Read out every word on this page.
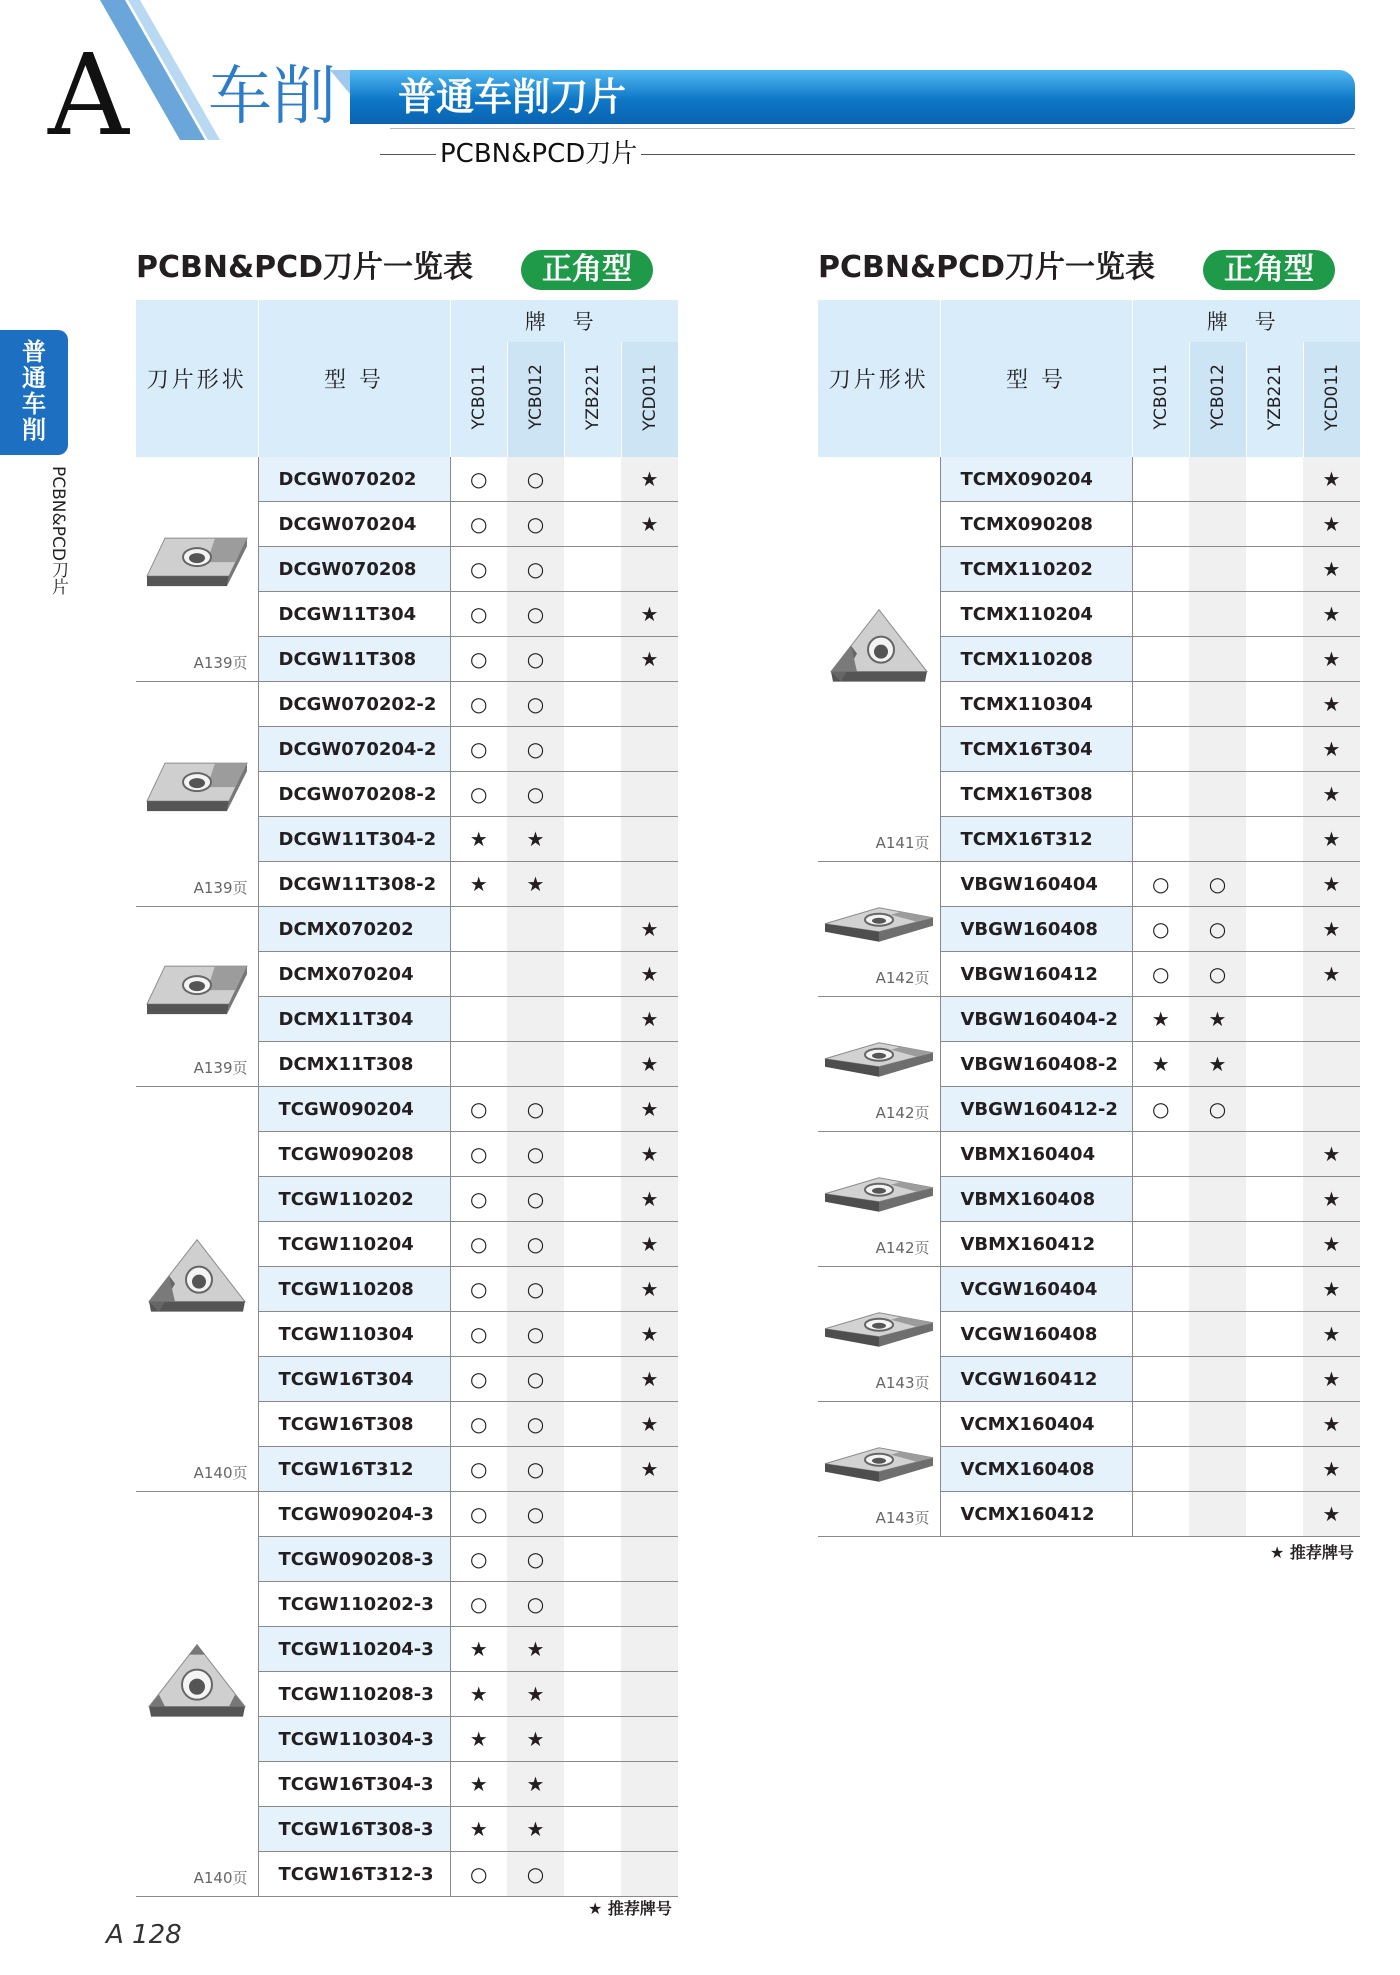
A 车削 普通车削刀片
PCBN&PCD刀片
普
通
车
削
PCBN&PCD刀片
PCBN&PCD刀片一览表	正角型
刀片形状	型 号	牌 号			
		YCB011	YCB012	YZB221	YCD011

A139页	DCGW070202	○	○		★
	DCGW070204	○	○		★
	DCGW070208	○	○		
	DCGW11T304	○	○		★
	DCGW11T308	○	○		★

A139页	DCGW070202-2	○	○		
	DCGW070204-2	○	○		
	DCGW070208-2	○	○		
	DCGW11T304-2	★	★		
	DCGW11T308-2	★	★		

A139页	DCMX070202				★
	DCMX070204				★
	DCMX11T304				★
	DCMX11T308				★

A140页	TCGW090204	○	○		★
	TCGW090208	○	○		★
	TCGW110202	○	○		★
	TCGW110204	○	○		★
	TCGW110208	○	○		★
	TCGW110304	○	○		★
	TCGW16T304	○	○		★
	TCGW16T308	○	○		★
	TCGW16T312	○	○		★

A140页	TCGW090204-3	○	○		
	TCGW090208-3	○	○		
	TCGW110202-3	○	○		
	TCGW110204-3	★	★		
	TCGW110208-3	★	★		
	TCGW110304-3	★	★		
	TCGW16T304-3	★	★		
	TCGW16T308-3	★	★		
	TCGW16T312-3	○	○		
PCBN&PCD刀片一览表	正角型
刀片形状	型 号	牌 号			
		YCB011	YCB012	YZB221	YCD011

A141页	TCMX090204				★
	TCMX090208				★
	TCMX110202				★
	TCMX110204				★
	TCMX110208				★
	TCMX110304				★
	TCMX16T304				★
	TCMX16T308				★
	TCMX16T312				★

A142页	VBGW160404	○	○		★
	VBGW160408	○	○		★
	VBGW160412	○	○		★

A142页	VBGW160404-2	★	★		
	VBGW160408-2	★	★		
	VBGW160412-2	○	○		

A142页	VBMX160404				★
	VBMX160408				★
	VBMX160412				★

A143页	VCGW160404				★
	VCGW160408				★
	VCGW160412				★

A143页	VCMX160404				★
	VCMX160408				★
	VCMX160412				★
★ 推荐牌号
★ 推荐牌号
A 128
